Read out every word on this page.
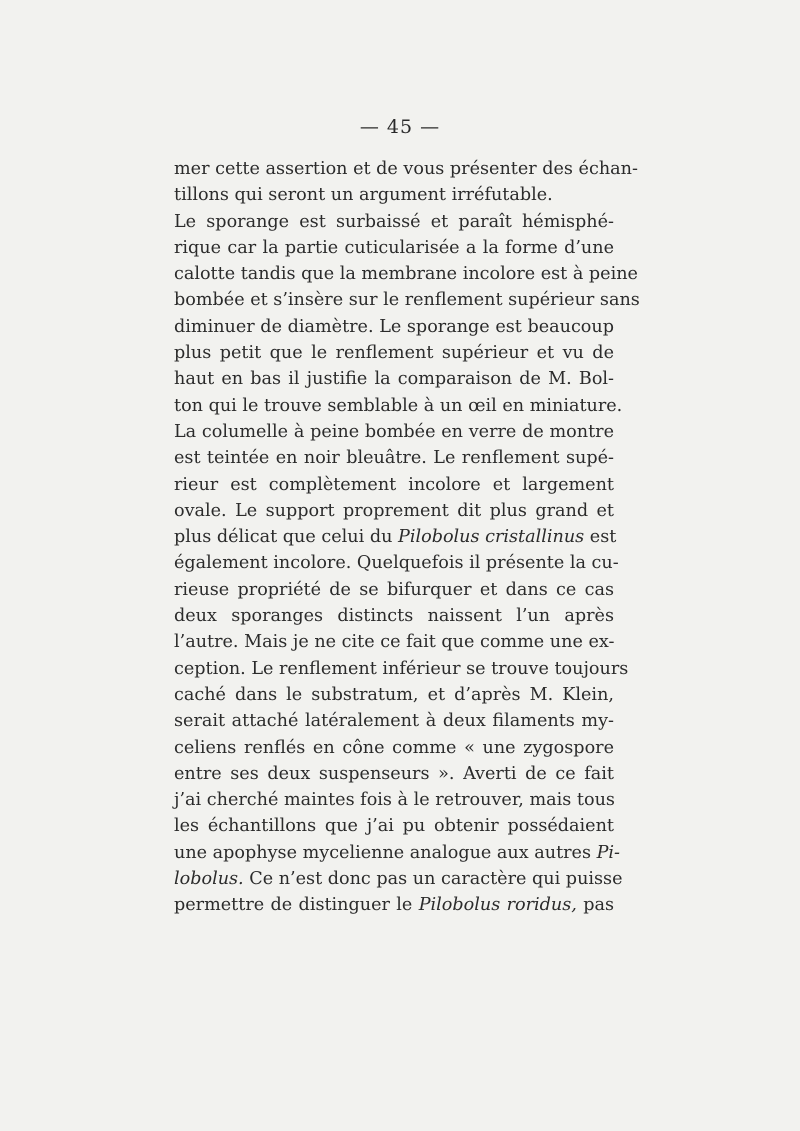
— 45 —
mer cette assertion et de vous présenter des échan-
tillons qui seront un argument irréfutable.
Le sporange est surbaissé et paraît hémisphé-
rique car la partie cuticularisée a la forme d’une
calotte tandis que la membrane incolore est à peine
bombée et s’insère sur le renflement supérieur sans
diminuer de diamètre. Le sporange est beaucoup
plus petit que le renflement supérieur et vu de
haut en bas il justifie la comparaison de M. Bol-
ton qui le trouve semblable à un œil en miniature.
La columelle à peine bombée en verre de montre
est teintée en noir bleuâtre. Le renflement supé-
rieur est complètement incolore et largement
ovale. Le support proprement dit plus grand et
plus délicat que celui du Pilobolus cristallinus est
également incolore. Quelquefois il présente la cu-
rieuse propriété de se bifurquer et dans ce cas
deux sporanges distincts naissent l’un après
l’autre. Mais je ne cite ce fait que comme une ex-
ception. Le renflement inférieur se trouve toujours
caché dans le substratum, et d’après M. Klein,
serait attaché latéralement à deux filaments my-
celiens renflés en cône comme « une zygospore
entre ses deux suspenseurs ». Averti de ce fait
j’ai cherché maintes fois à le retrouver, mais tous
les échantillons que j’ai pu obtenir possédaient
une apophyse mycelienne analogue aux autres Pi-
lobolus. Ce n’est donc pas un caractère qui puisse
permettre de distinguer le Pilobolus roridus, pas
